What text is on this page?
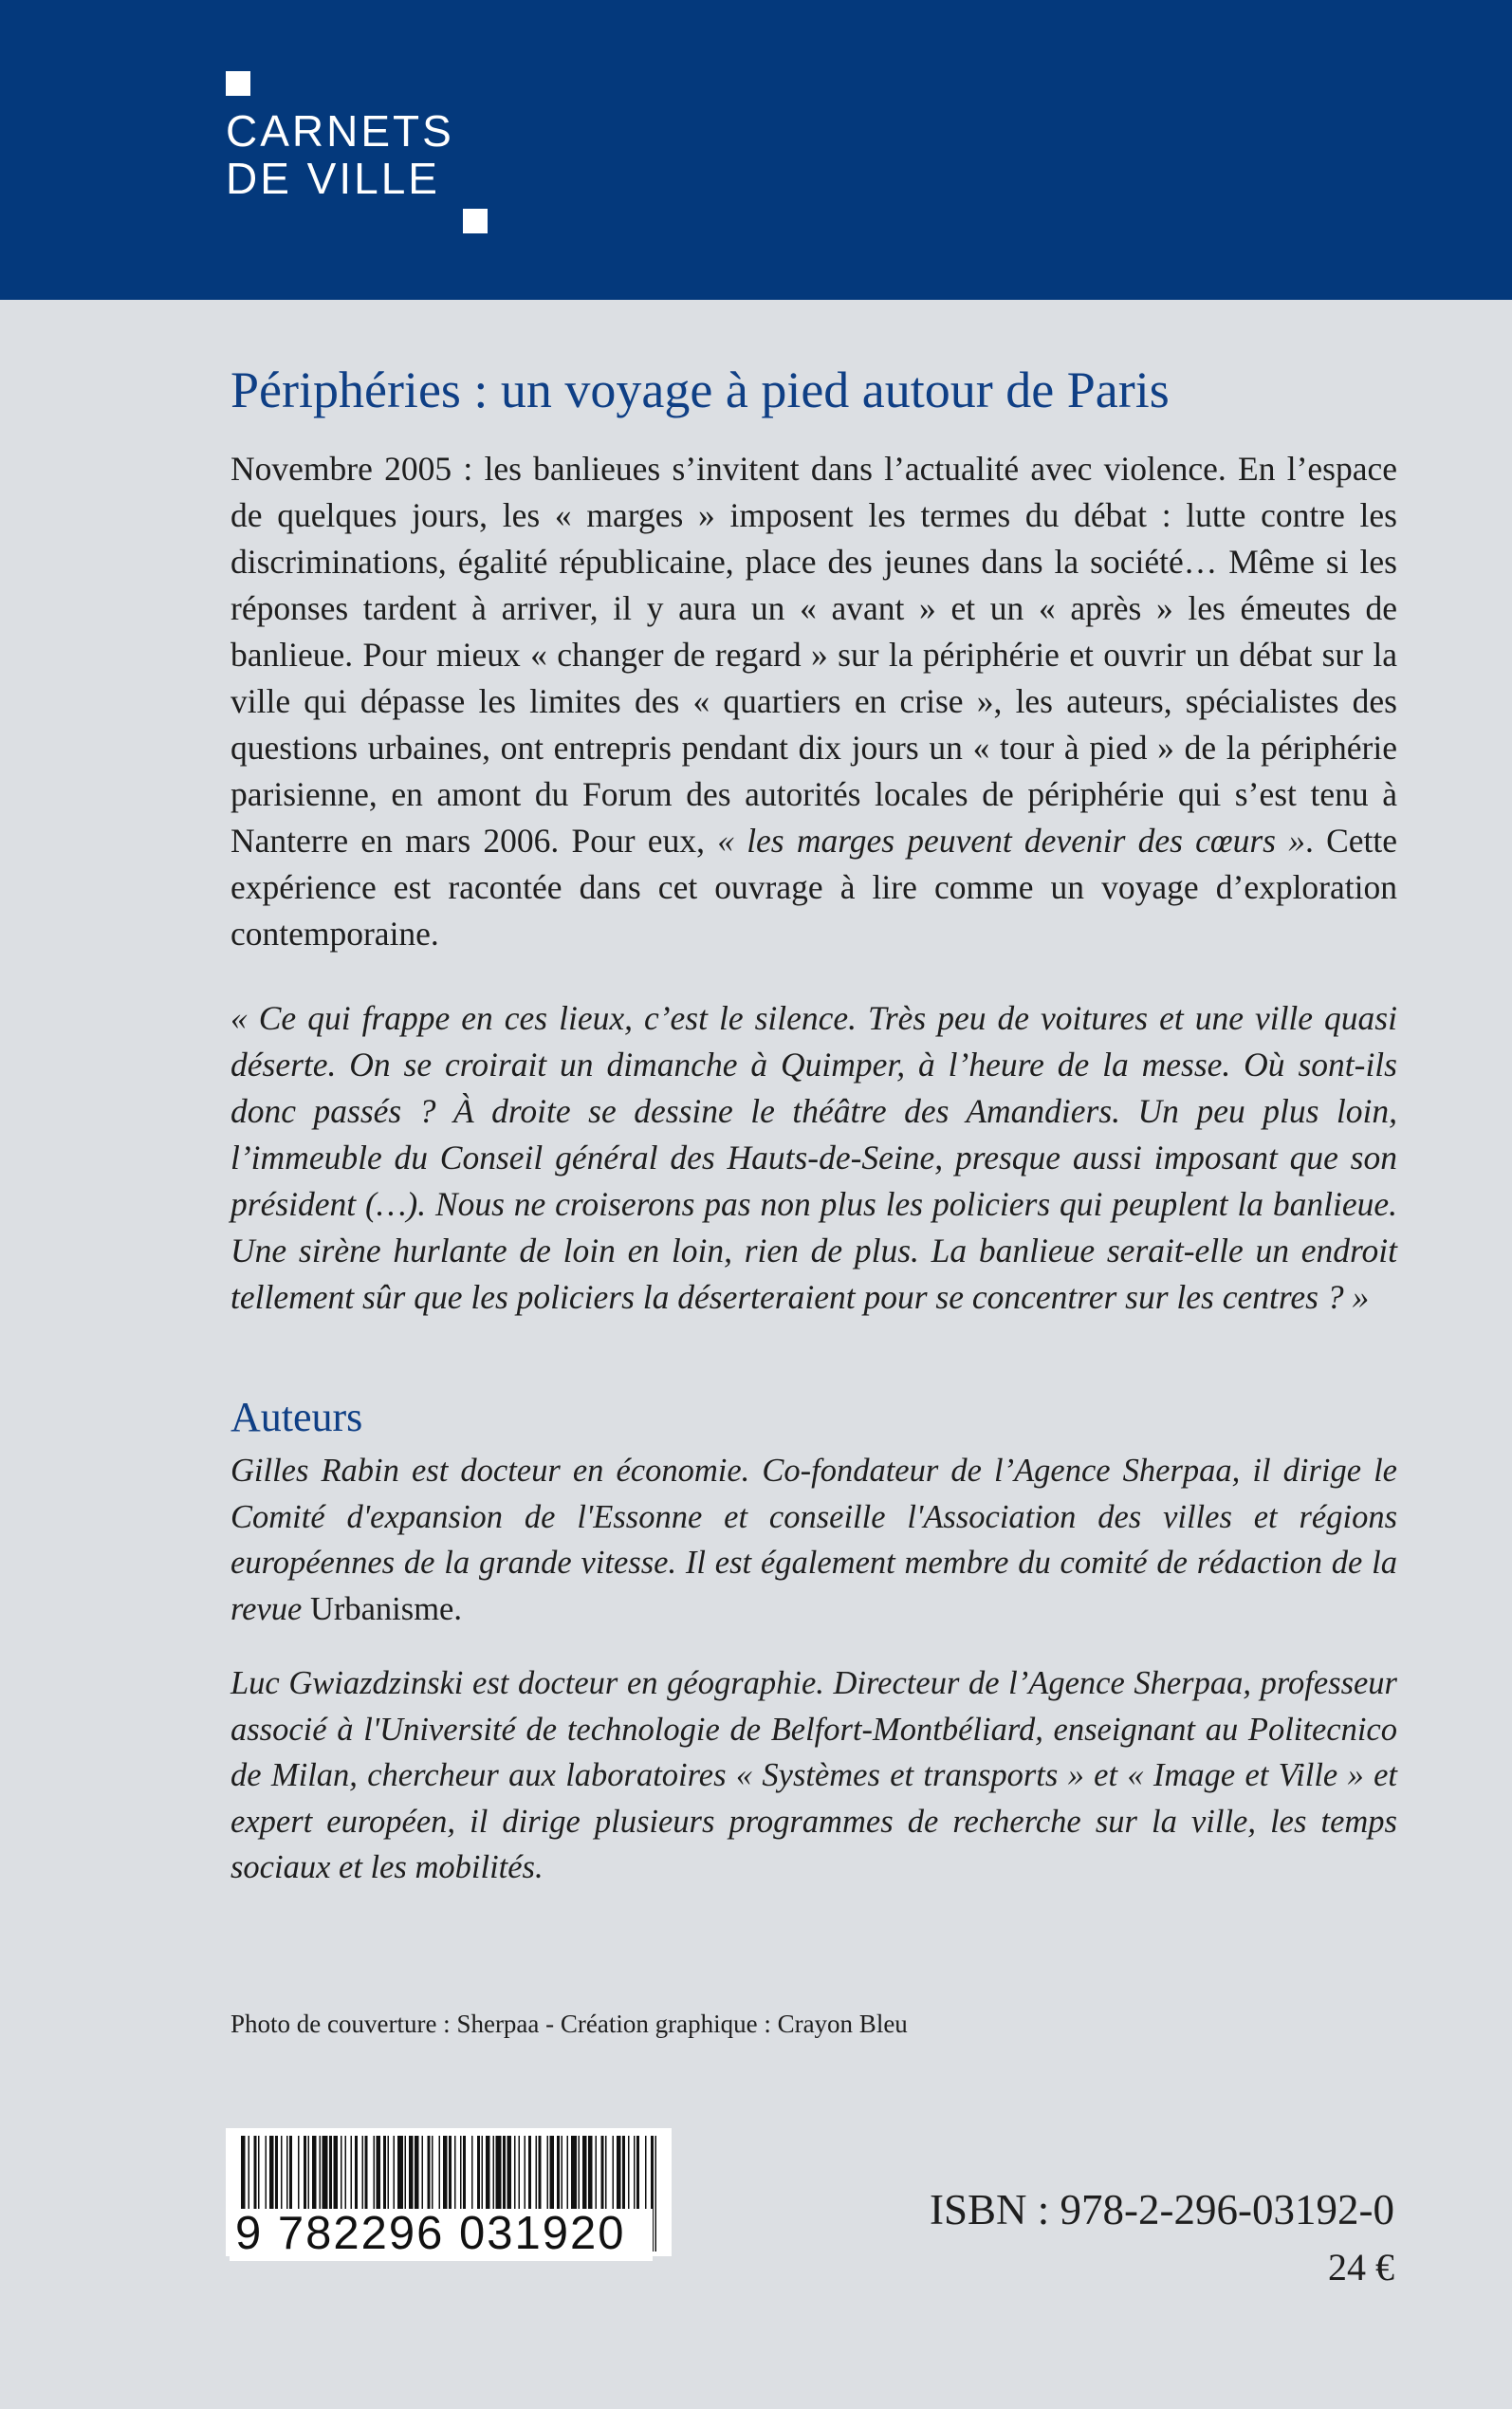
CARNETS
DE VILLE
Périphéries : un voyage à pied autour de Paris

Novembre 2005 : les banlieues s’invitent dans l’actualité avec violence. En l’espace de quelques jours, les « marges » imposent les termes du débat : lutte contre les discriminations, égalité républicaine, place des jeunes dans la société… Même si les réponses tardent à arriver, il y aura un « avant » et un « après » les émeutes de banlieue. Pour mieux « changer de regard » sur la périphérie et ouvrir un débat sur la ville qui dépasse les limites des « quartiers en crise », les auteurs, spécialistes des questions urbaines, ont entrepris pendant dix jours un « tour à pied » de la périphérie parisienne, en amont du Forum des autorités locales de périphérie qui s’est tenu à Nanterre en mars 2006. Pour eux, « les marges peuvent devenir des cœurs ». Cette expérience est racontée dans cet ouvrage à lire comme un voyage d’exploration contemporaine.

« Ce qui frappe en ces lieux, c’est le silence. Très peu de voitures et une ville quasi déserte. On se croirait un dimanche à Quimper, à l’heure de la messe. Où sont-ils donc passés ? À droite se dessine le théâtre des Amandiers. Un peu plus loin, l’immeuble du Conseil général des Hauts-de-Seine, presque aussi imposant que son président (…). Nous ne croiserons pas non plus les policiers qui peuplent la banlieue. Une sirène hurlante de loin en loin, rien de plus. La banlieue serait-elle un endroit tellement sûr que les policiers la déserteraient pour se concentrer sur les centres ? »

Auteurs

Gilles Rabin est docteur en économie. Co-fondateur de l’Agence Sherpaa, il dirige le Comité d'expansion de l'Essonne et conseille l'Association des villes et régions européennes de la grande vitesse. Il est également membre du comité de rédaction de la revue Urbanisme.

Luc Gwiazdzinski est docteur en géographie. Directeur de l’Agence Sherpaa, professeur associé à l'Université de technologie de Belfort-Montbéliard, enseignant au Politecnico de Milan, chercheur aux laboratoires « Systèmes et transports » et « Image et Ville » et expert européen, il dirige plusieurs programmes de recherche sur la ville, les temps sociaux et les mobilités.

Photo de couverture : Sherpaa - Création graphique : Crayon Bleu
9 782296 031920	ISBN : 978-2-296-03192-0
24 €
